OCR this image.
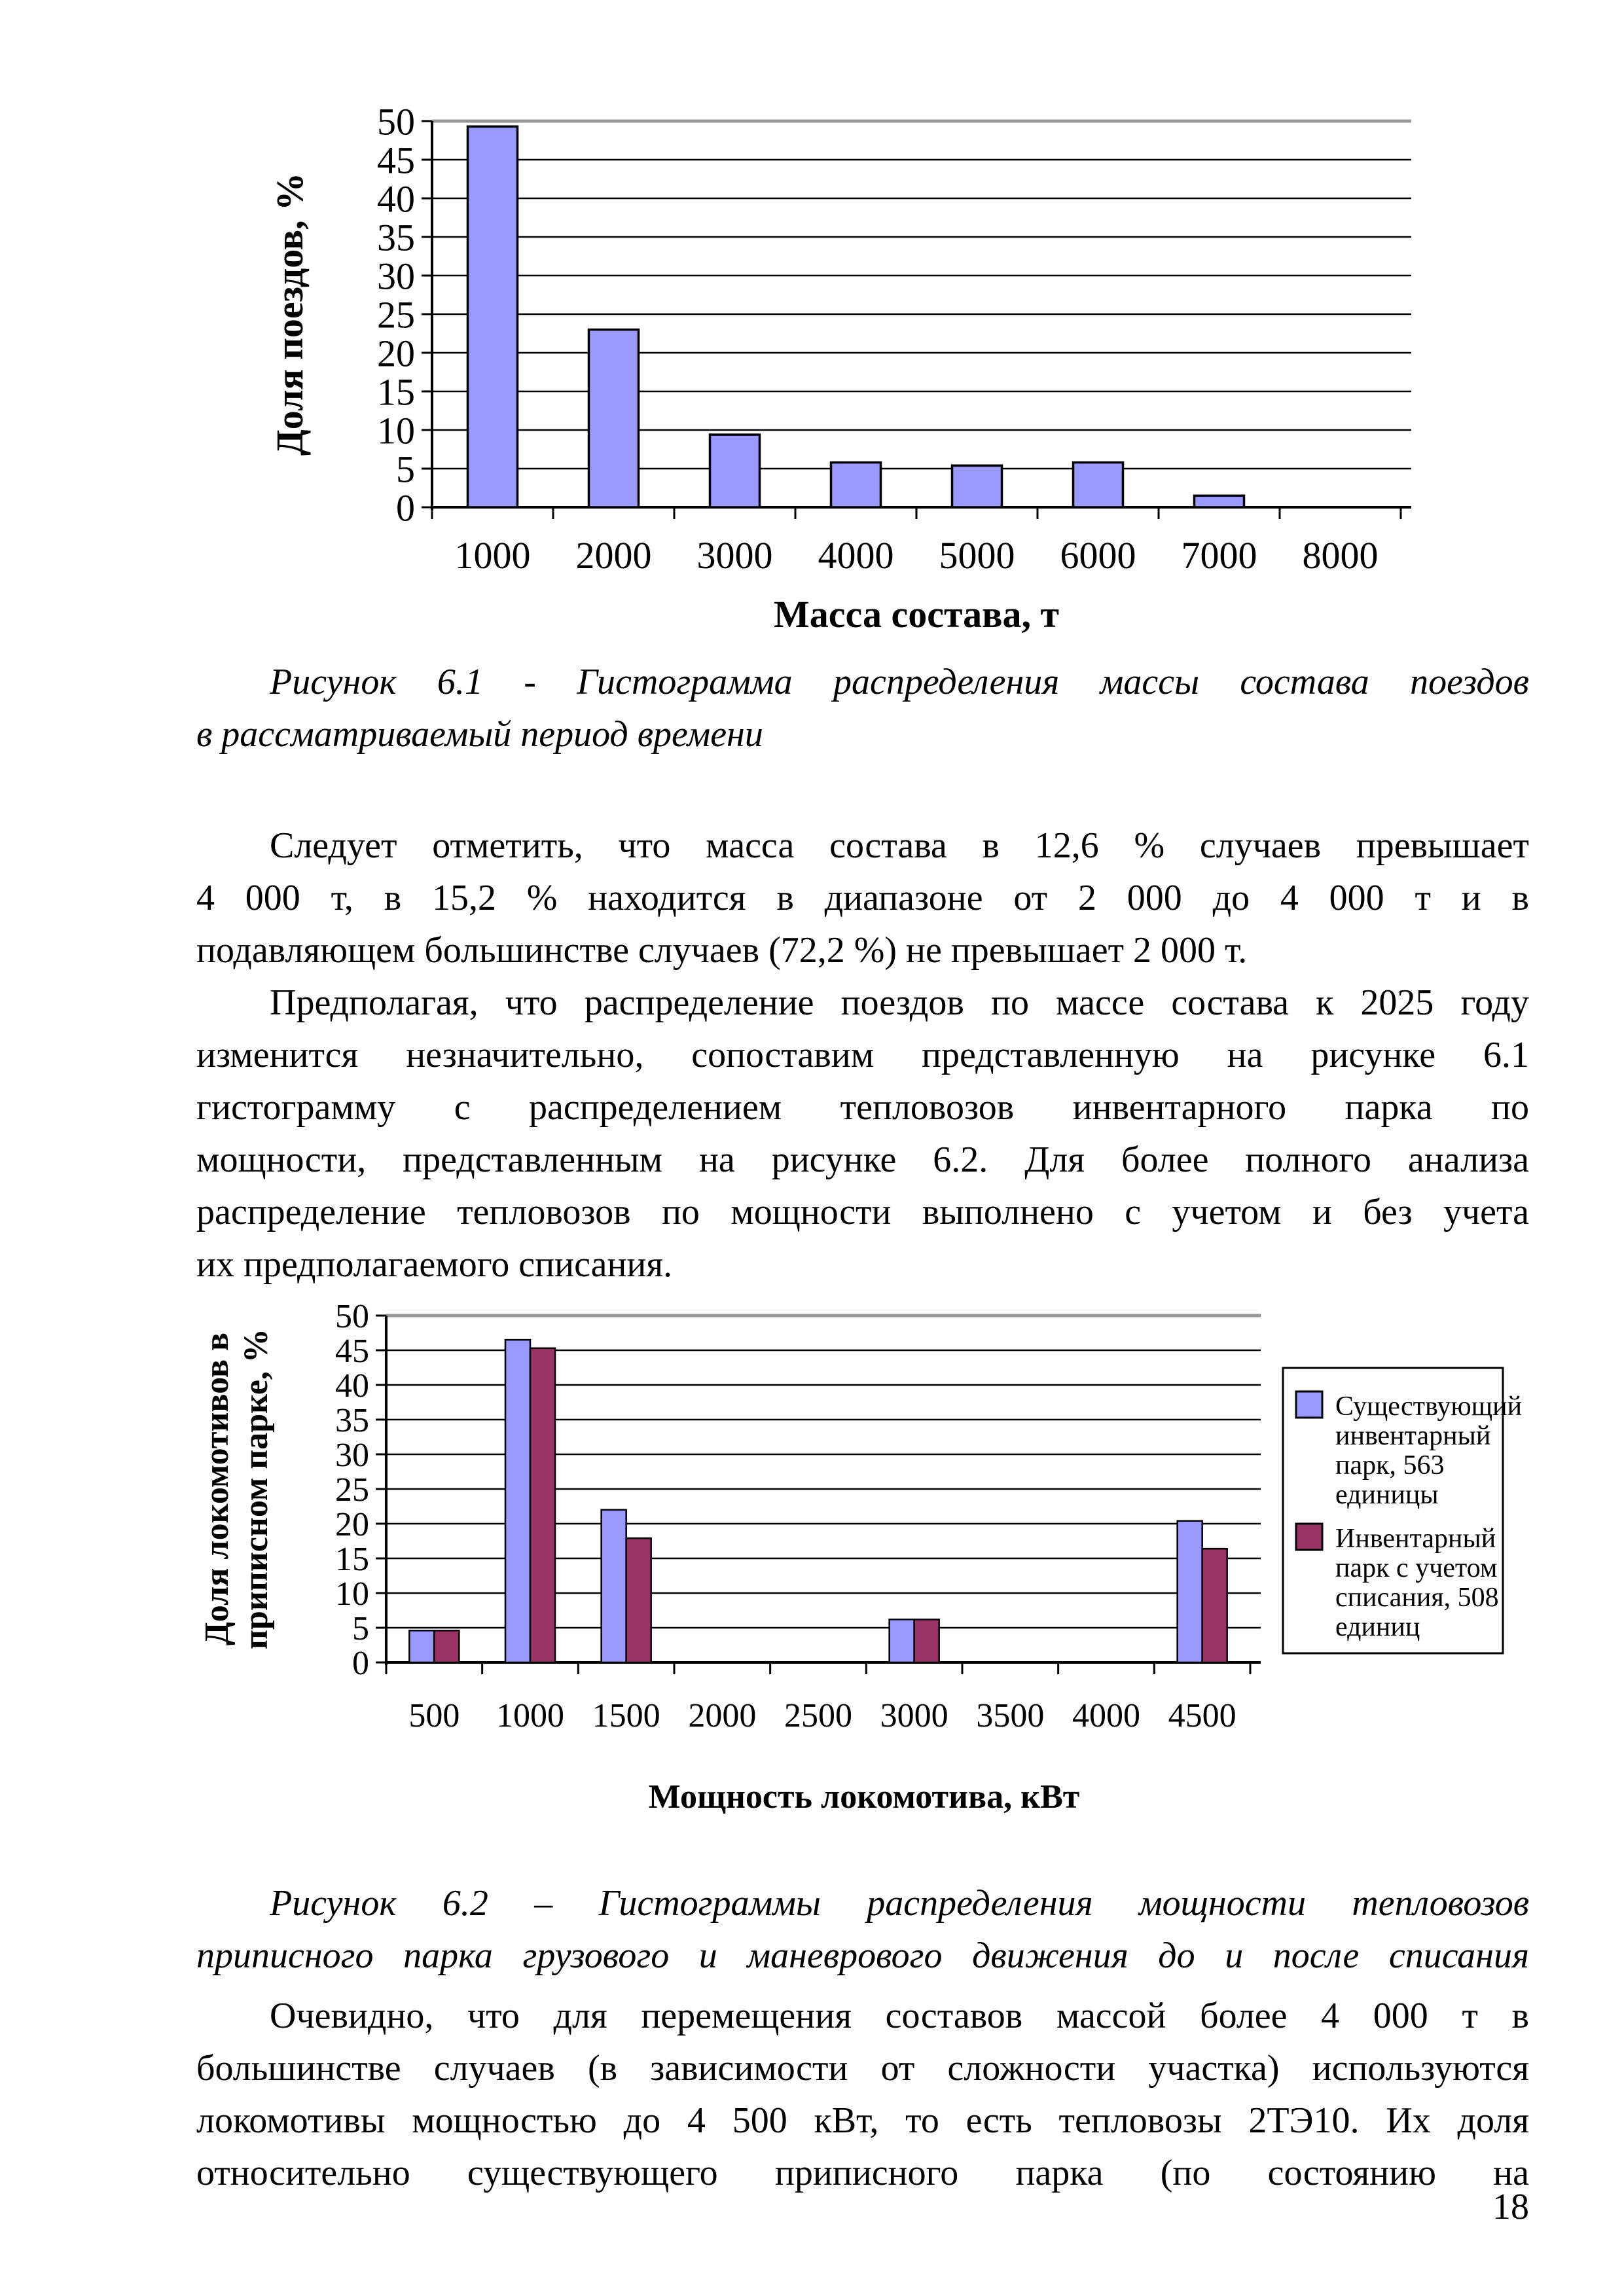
0
5
10
15
20
25
30
35
40
45
50
1000 2000 3000 4000 5000 6000 7000 8000
Масса состава, т
Доля поездов, %
Рисунок 6.1 - Гистограмма распределения массы состава поездов
в рассматриваемый период времени
Следует отметить, что масса состава в 12,6 % случаев превышает
4 000 т, в 15,2 % находится в диапазоне от 2 000 до 4 000 т и в
подавляющем большинстве случаев (72,2 %) не превышает 2 000 т.
Предполагая, что распределение поездов по массе состава к 2025 году
изменится незначительно, сопоставим представленную на рисунке 6.1
гистограмму с распределением тепловозов инвентарного парка по
мощности, представленным на рисунке 6.2. Для более полного анализа
распределение тепловозов по мощности выполнено с учетом и без учета
их предполагаемого списания.
0
5
10
15
20
25
30
35
40
45
50
500 1000 1500 2000 2500 3000 3500 4000 4500
Мощность локомотива, кВт
Доля локомотивов в приписном парке, %	Существующий
инвентарный
парк, 563
единицы
Инвентарный
парк с учетом
списания, 508
единиц
Рисунок 6.2 – Гистограммы распределения мощности тепловозов
приписного парка грузового и маневрового движения до и после списания
Очевидно, что для перемещения составов массой более 4 000 т в
большинстве случаев (в зависимости от сложности участка) используются
локомотивы мощностью до 4 500 кВт, то есть тепловозы 2ТЭ10. Их доля
относительно существующего приписного парка (по состоянию на
18
